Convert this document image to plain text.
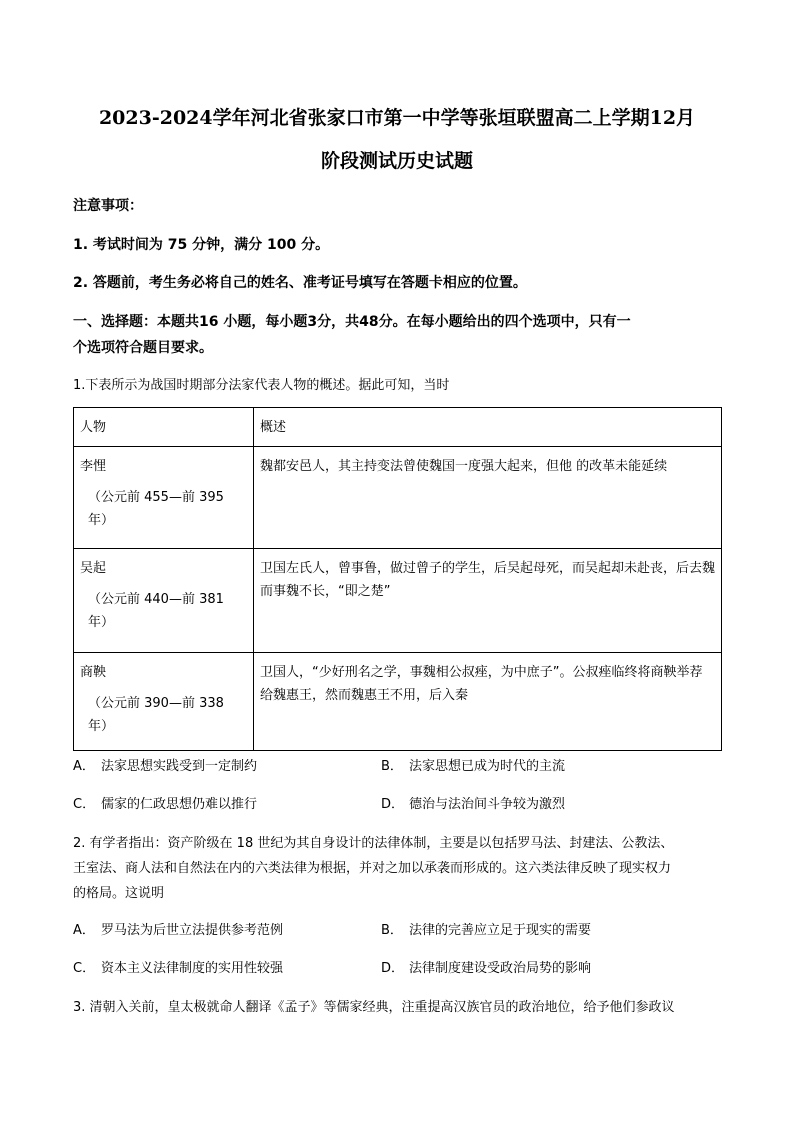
2023-2024学年河北省张家口市第一中学等张垣联盟高二上学期12月
阶段测试历史试题
注意事项：
1. 考试时间为 75 分钟，满分 100 分。
2. 答题前，考生务必将自己的姓名、准考证号填写在答题卡相应的位置。
一、选择题：本题共16 小题，每小题3分，共48分。在每小题给出的四个选项中，只有一
个选项符合题目要求。
1.下表所示为战国时期部分法家代表人物的概述。据此可知，当时
人物	概述
李悝
（公元前 455—前 395 年）	魏都安邑人，其主持变法曾使魏国一度强大起来，但他 的改革未能延续
吴起
（公元前 440—前 381 年）	卫国左氏人，曾事鲁，做过曾子的学生，后吴起母死，而吴起却未赴丧，后去魏而事魏不长，“即之楚”
商鞅
（公元前 390—前 338 年）	卫国人，“少好刑名之学，事魏相公叔痤，为中庶子”。公叔痤临终将商鞅举荐给魏惠王，然而魏惠王不用，后入秦
A． 法家思想实践受到一定制约	B． 法家思想已成为时代的主流
C． 儒家的仁政思想仍难以推行	D． 德治与法治间斗争较为激烈
2. 有学者指出：资产阶级在 18 世纪为其自身设计的法律体制，主要是以包括罗马法、封建法、公教法、
王室法、商人法和自然法在内的六类法律为根据，并对之加以承袭而形成的。这六类法律反映了现实权力
的格局。这说明
A． 罗马法为后世立法提供参考范例	B． 法律的完善应立足于现实的需要
C． 资本主义法律制度的实用性较强	D． 法律制度建设受政治局势的影响
3. 清朝入关前，皇太极就命人翻译《孟子》等儒家经典，注重提高汉族官员的政治地位，给予他们参政议
